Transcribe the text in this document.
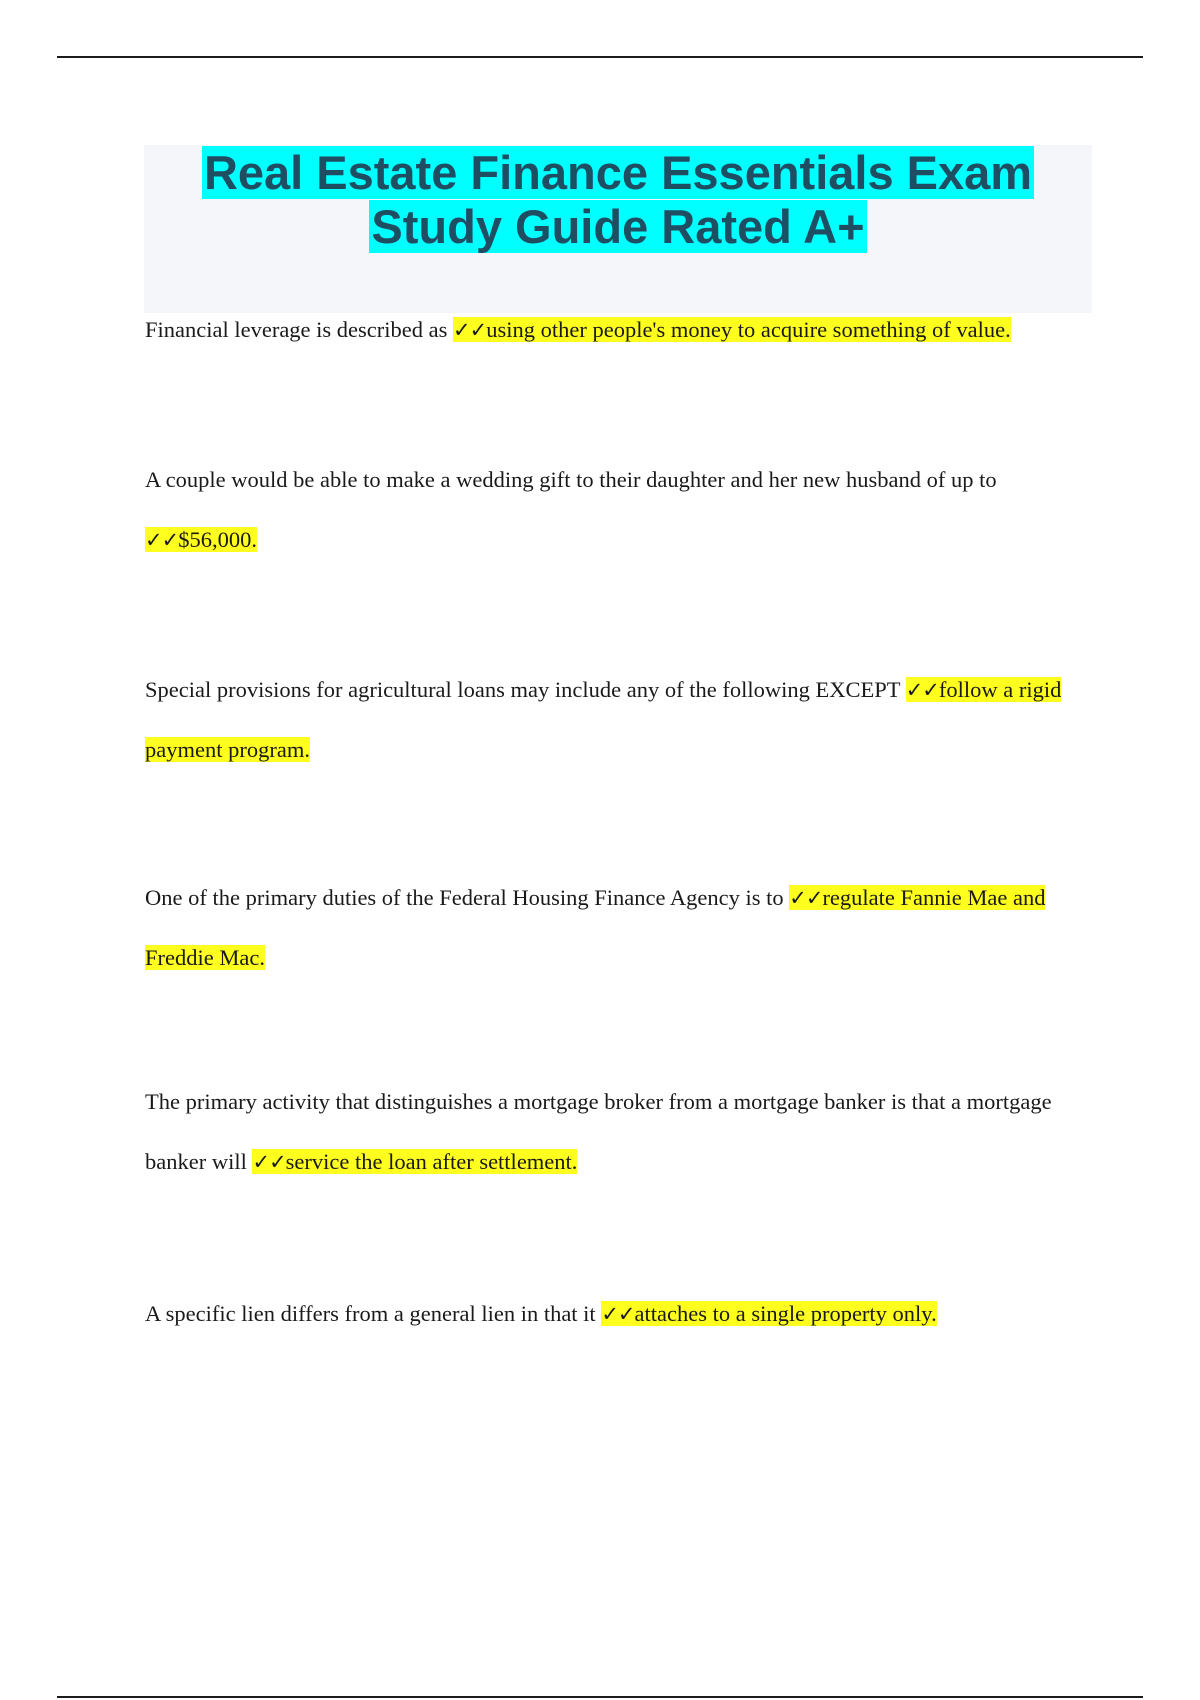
Real Estate Finance Essentials Exam
Study Guide Rated A+

Financial leverage is described as ✓✓using other people's money to acquire something of value.

A couple would be able to make a wedding gift to their daughter and her new husband of up to ✓✓$56,000.

Special provisions for agricultural loans may include any of the following EXCEPT ✓✓follow a rigid payment program.

One of the primary duties of the Federal Housing Finance Agency is to ✓✓regulate Fannie Mae and Freddie Mac.

The primary activity that distinguishes a mortgage broker from a mortgage banker is that a mortgage banker will ✓✓service the loan after settlement.

A specific lien differs from a general lien in that it ✓✓attaches to a single property only.
